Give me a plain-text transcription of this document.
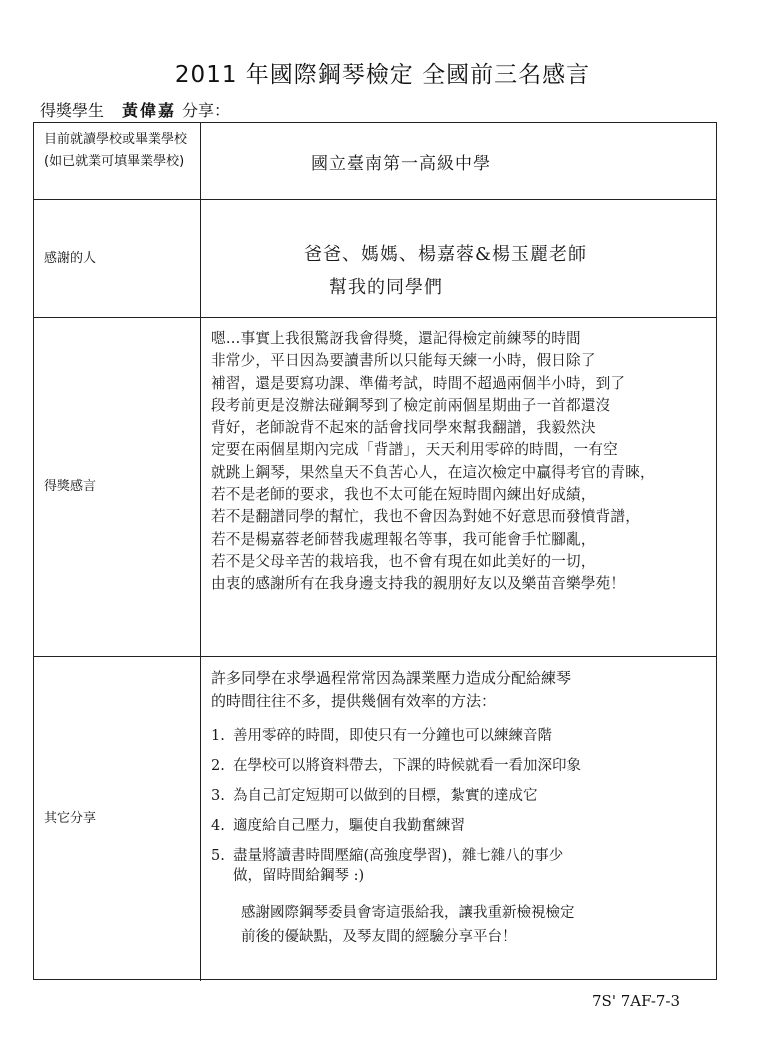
2011 年國際鋼琴檢定 全國前三名感言
得獎學生 黃偉嘉 分享：
目前就讀學校或畢業學校(如已就業可填畢業學校)	國立臺南第一高級中學
感謝的人	爸爸、媽媽、楊嘉蓉&楊玉麗老師
幫我的同學們
得獎感言
嗯…事實上我很驚訝我會得獎，還記得檢定前練琴的時間
非常少，平日因為要讀書所以只能每天練一小時，假日除了
補習，還是要寫功課、準備考試，時間不超過兩個半小時，到了
段考前更是沒辦法碰鋼琴到了檢定前兩個星期曲子一首都還沒
背好，老師說背不起來的話會找同學來幫我翻譜，我毅然決
定要在兩個星期內完成「背譜」，天天利用零碎的時間，一有空
就跳上鋼琴，果然皇天不負苦心人，在這次檢定中贏得考官的青睞，
若不是老師的要求，我也不太可能在短時間內練出好成績，
若不是翻譜同學的幫忙，我也不會因為對她不好意思而發憤背譜，
若不是楊嘉蓉老師替我處理報名等事，我可能會手忙腳亂，
若不是父母辛苦的栽培我，也不會有現在如此美好的一切，
由衷的感謝所有在我身邊支持我的親朋好友以及樂苗音樂學苑！
其它分享

許多同學在求學過程常常因為課業壓力造成分配給練琴

的時間往往不多，提供幾個有效率的方法：

1. 善用零碎的時間，即使只有一分鐘也可以練練音階
2. 在學校可以將資料帶去，下課的時候就看一看加深印象
3. 為自己訂定短期可以做到的目標，紮實的達成它
4. 適度給自己壓力，驅使自我勤奮練習
5. 盡量將讀書時間壓縮(高強度學習)，雜七雜八的事少
做，留時間給鋼琴 :)
感謝國際鋼琴委員會寄這張給我，讓我重新檢視檢定
前後的優缺點，及琴友間的經驗分享平台！
7S' 7AF-7-3
